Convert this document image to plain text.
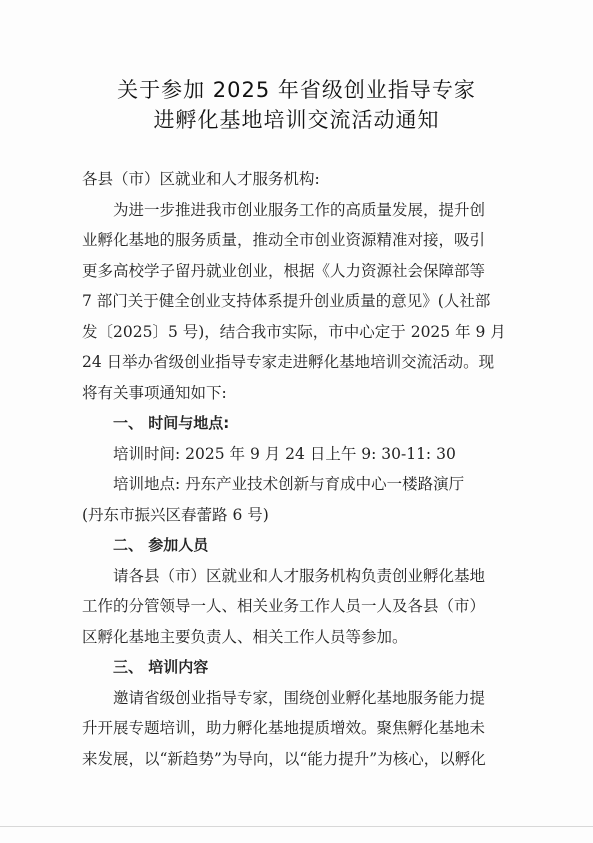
关于参加 2025 年省级创业指导专家
进孵化基地培训交流活动通知
各县（市）区就业和人才服务机构:
为进一步推进我市创业服务工作的高质量发展，提升创
业孵化基地的服务质量，推动全市创业资源精准对接，吸引
更多高校学子留丹就业创业，根据《人力资源社会保障部等
7 部门关于健全创业支持体系提升创业质量的意见》(人社部
发〔2025〕5 号)，结合我市实际，市中心定于 2025 年 9 月
24 日举办省级创业指导专家走进孵化基地培训交流活动。现
将有关事项通知如下:
一、 时间与地点:
培训时间: 2025 年 9 月 24 日上午 9: 30-11: 30
培训地点: 丹东产业技术创新与育成中心一楼路演厅
(丹东市振兴区春蕾路 6 号)
二、 参加人员
请各县（市）区就业和人才服务机构负责创业孵化基地
工作的分管领导一人、相关业务工作人员一人及各县（市）
区孵化基地主要负责人、相关工作人员等参加。
三、 培训内容
邀请省级创业指导专家，围绕创业孵化基地服务能力提
升开展专题培训，助力孵化基地提质增效。聚焦孵化基地未
来发展，以“新趋势”为导向，以“能力提升”为核心，以孵化
